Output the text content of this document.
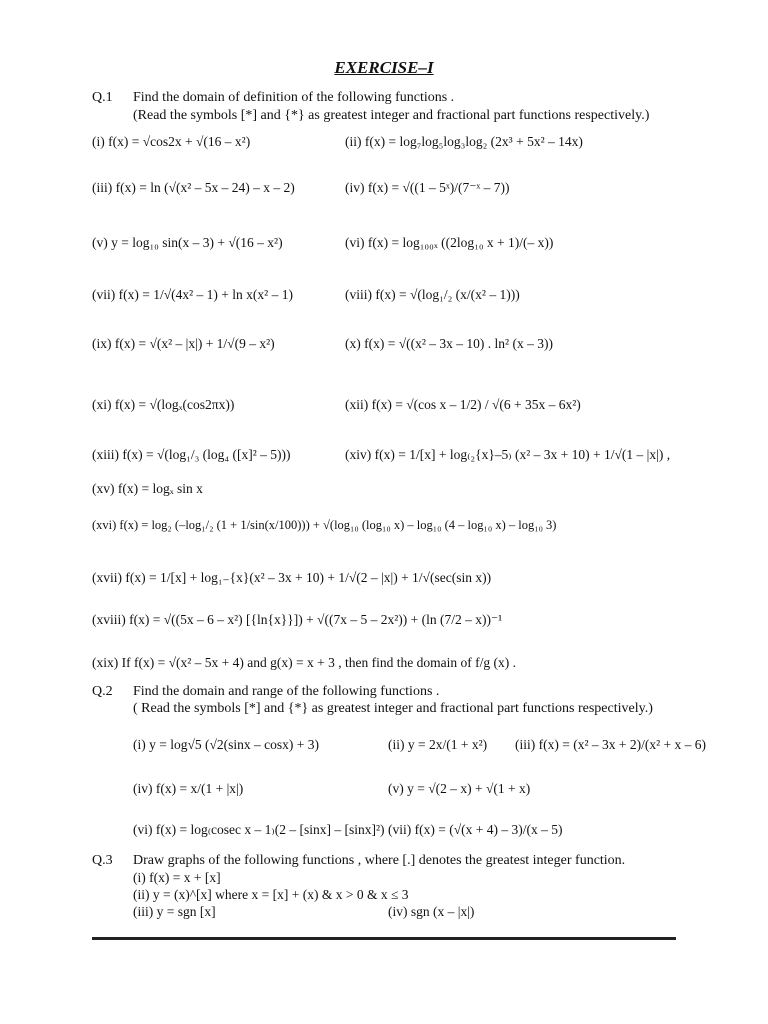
EXERCISE–I
Q.1 Find the domain of definition of the following functions .
(Read the symbols [*] and {*} as greatest integer and fractional part functions respectively.)
(i) f(x) = √cos2x + √(16 – x²)	(ii) f(x) = log₇log₅log₃log₂ (2x³ + 5x² – 14x)
(iii) f(x) = ln (√(x² – 5x – 24) – x – 2)	(iv) f(x) = √((1 – 5ˣ)/(7⁻ˣ – 7))
(v) y = log₁₀ sin(x – 3) + √(16 – x²)	(vi) f(x) = log₁₀₀ₓ ((2log₁₀ x + 1)/(– x))
(vii) f(x) = 1/√(4x² – 1) + ln x(x² – 1)	(viii) f(x) = √(log₁/₂ (x/(x² – 1)))
(ix) f(x) = √(x² – |x|) + 1/√(9 – x²)	(x) f(x) = √((x² – 3x – 10) . ln² (x – 3))
(xi) f(x) = √(logₓ(cos2πx))	(xii) f(x) = √(cos x – 1/2) / √(6 + 35x – 6x²)
(xiii) f(x) = √(log₁/₃ (log₄ ([x]² – 5)))	(xiv) f(x) = 1/[x] + log₍₂{x}–5₎ (x² – 3x + 10) + 1/√(1 – |x|) ,
(xv) f(x) = logₓ sin x
(xvi) f(x) = log₂ (–log₁/₂ (1 + 1/sin(x/100))) + √(log₁₀ (log₁₀ x) – log₁₀ (4 – log₁₀ x) – log₁₀ 3)
(xvii) f(x) = 1/[x] + log₁₋{x}(x² – 3x + 10) + 1/√(2 – |x|) + 1/√(sec(sin x))
(xviii) f(x) = √((5x – 6 – x²) [{ln{x}}]) + √((7x – 5 – 2x²)) + (ln (7/2 – x))⁻¹
(xix) If f(x) = √(x² – 5x + 4) and g(x) = x + 3 , then find the domain of f/g (x) .
Q.2 Find the domain and range of the following functions .
( Read the symbols [*] and {*} as greatest integer and fractional part functions respectively.)
(i) y = log√5 (√2(sinx – cosx) + 3)	(ii) y = 2x/(1 + x²) (iii) f(x) = (x² – 3x + 2)/(x² + x – 6)
(iv) f(x) = x/(1 + |x|)	(v) y = √(2 – x) + √(1 + x)
(vi) f(x) = log₍cosec x – 1₎(2 – [sinx] – [sinx]²) (vii) f(x) = (√(x + 4) – 3)/(x – 5)
Q.3 Draw graphs of the following functions , where [.] denotes the greatest integer function.
(i) f(x) = x + [x]
(ii) y = (x)^[x] where x = [x] + (x) & x > 0 & x ≤ 3
(iii) y = sgn [x]	(iv) sgn (x – |x|)
